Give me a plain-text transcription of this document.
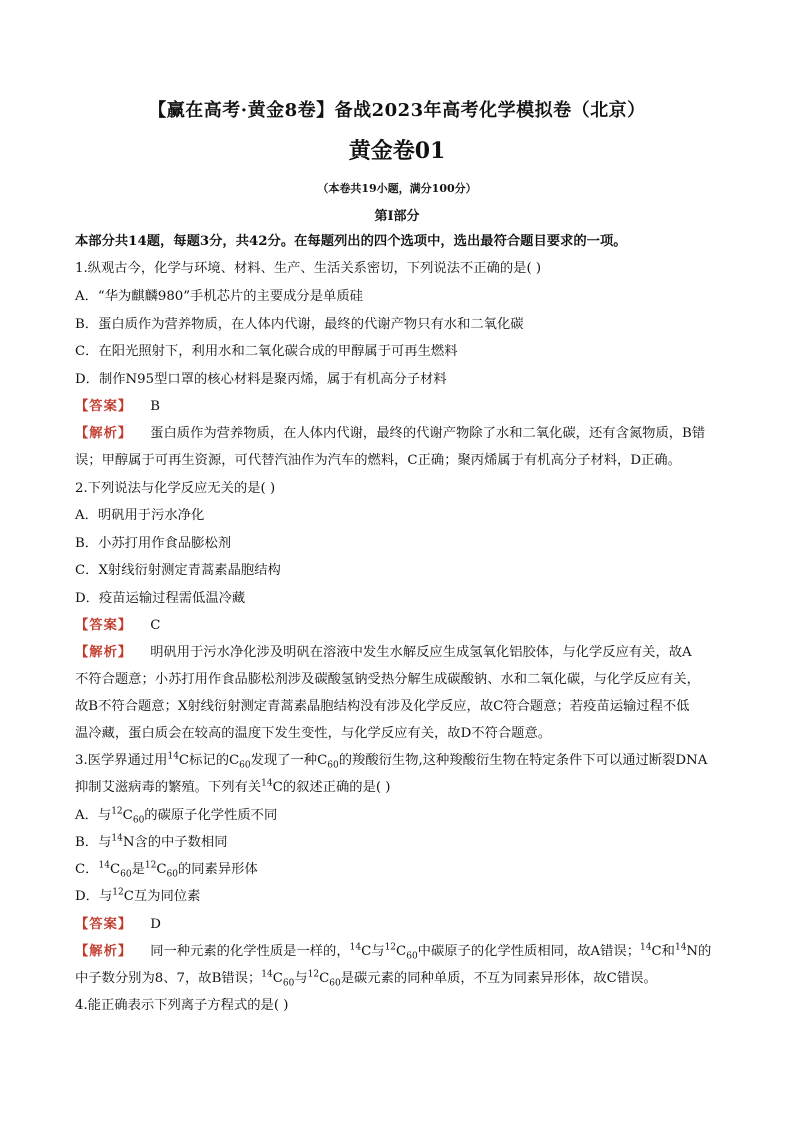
【赢在高考·黄金8卷】备战2023年高考化学模拟卷（北京）
黄金卷01
（本卷共19小题，满分100分）
第Ⅰ部分
本部分共14题，每题3分，共42分。在每题列出的四个选项中，选出最符合题目要求的一项。
1.纵观古今，化学与环境、材料、生产、生活关系密切，下列说法不正确的是( )
A．“华为麒麟980”手机芯片的主要成分是单质硅
B．蛋白质作为营养物质，在人体内代谢，最终的代谢产物只有水和二氧化碳
C．在阳光照射下，利用水和二氧化碳合成的甲醇属于可再生燃料
D．制作N95型口罩的核心材料是聚丙烯，属于有机高分子材料
【答案】 B
【解析】 蛋白质作为营养物质，在人体内代谢，最终的代谢产物除了水和二氧化碳，还有含氮物质，B错
误；甲醇属于可再生资源，可代替汽油作为汽车的燃料，C正确；聚丙烯属于有机高分子材料，D正确。
2.下列说法与化学反应无关的是( )
A．明矾用于污水净化
B．小苏打用作食品膨松剂
C．X射线衍射测定青蒿素晶胞结构
D．疫苗运输过程需低温冷藏
【答案】 C
【解析】 明矾用于污水净化涉及明矾在溶液中发生水解反应生成氢氧化铝胶体，与化学反应有关，故A
不符合题意；小苏打用作食品膨松剂涉及碳酸氢钠受热分解生成碳酸钠、水和二氧化碳，与化学反应有关，
故B不符合题意；X射线衍射测定青蒿素晶胞结构没有涉及化学反应，故C符合题意；若疫苗运输过程不低
温冷藏，蛋白质会在较高的温度下发生变性，与化学反应有关，故D不符合题意。
3.医学界通过用$^{14}$C标记的$C_{60}$发现了一种$C_{60}$的羧酸衍生物,这种羧酸衍生物在特定条件下可以通过断裂DNA
抑制艾滋病毒的繁殖。下列有关$^{14}$C的叙述正确的是( )
A．与$^{12}C_{60}$的碳原子化学性质不同
B．与$^{14}$N含的中子数相同
C．$^{14}C_{60}$是$^{12}C_{60}$的同素异形体
D．与$^{12}$C互为同位素
【答案】 D
【解析】 同一种元素的化学性质是一样的，$^{14}$C与$^{12}C_{60}$中碳原子的化学性质相同，故A错误；$^{14}$C和$^{14}$N的
中子数分别为8、7，故B错误；$^{14}C_{60}$与$^{12}C_{60}$是碳元素的同种单质，不互为同素异形体，故C错误。
4.能正确表示下列离子方程式的是( )
